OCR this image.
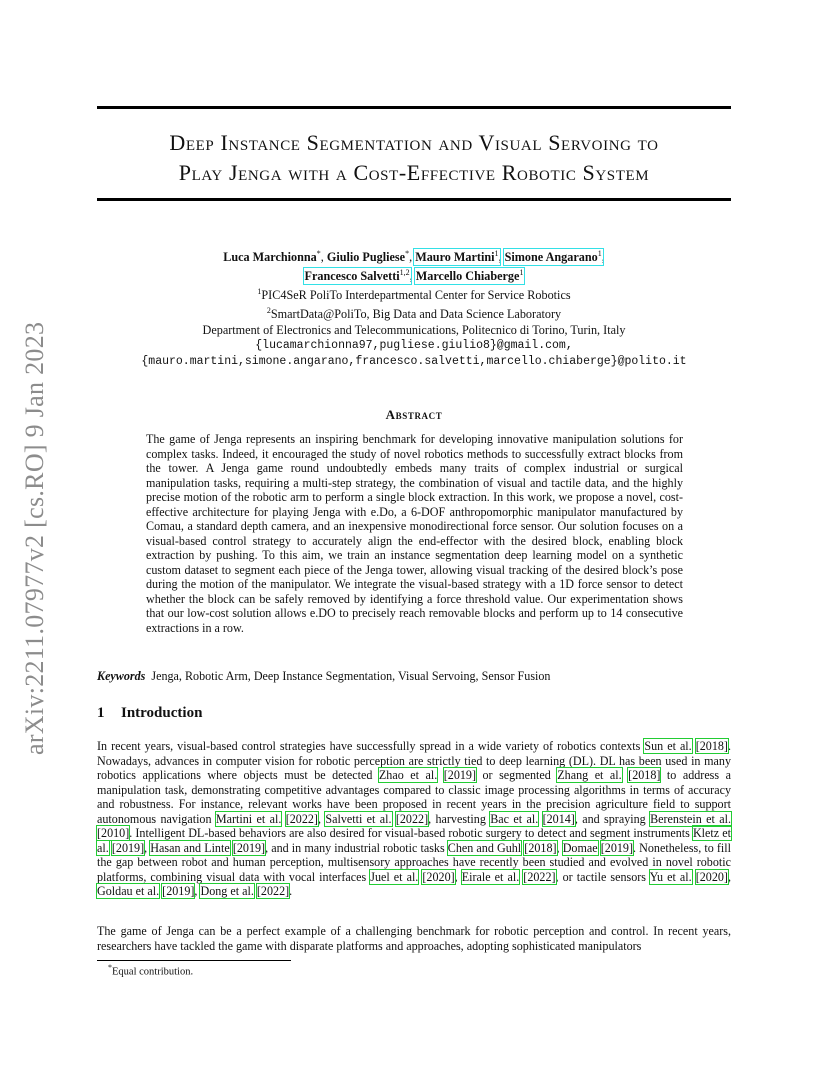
arXiv:2211.07977v2 [cs.RO] 9 Jan 2023
Deep Instance Segmentation and Visual Servoing to
Play Jenga with a Cost-Effective Robotic System
Luca Marchionna*, Giulio Pugliese*, Mauro Martini$^1$, Simone Angarano$^1$,
Francesco Salvetti$^{1,2}$, Marcello Chiaberge$^1$
$^1$PIC4SeR PoliTo Interdepartmental Center for Service Robotics
$^2$SmartData@PoliTo, Big Data and Data Science Laboratory
Department of Electronics and Telecommunications, Politecnico di Torino, Turin, Italy
{lucamarchionna97,pugliese.giulio8}@gmail.com,
{mauro.martini,simone.angarano,francesco.salvetti,marcello.chiaberge}@polito.it
Abstract
The game of Jenga represents an inspiring benchmark for developing innovative manipulation solutions for complex tasks. Indeed, it encouraged the study of novel robotics methods to successfully extract blocks from the tower. A Jenga game round undoubtedly embeds many traits of complex industrial or surgical manipulation tasks, requiring a multi-step strategy, the combination of visual and tactile data, and the highly precise motion of the robotic arm to perform a single block extraction. In this work, we propose a novel, cost-effective architecture for playing Jenga with e.Do, a 6-DOF anthropomorphic manipulator manufactured by Comau, a standard depth camera, and an inexpensive monodirectional force sensor. Our solution focuses on a visual-based control strategy to accurately align the end-effector with the desired block, enabling block extraction by pushing. To this aim, we train an instance segmentation deep learning model on a synthetic custom dataset to segment each piece of the Jenga tower, allowing visual tracking of the desired block’s pose during the motion of the manipulator. We integrate the visual-based strategy with a 1D force sensor to detect whether the block can be safely removed by identifying a force threshold value. Our experimentation shows that our low-cost solution allows e.DO to precisely reach removable blocks and perform up to 14 consecutive extractions in a row.
Keywords Jenga, Robotic Arm, Deep Instance Segmentation, Visual Servoing, Sensor Fusion
1 Introduction
In recent years, visual-based control strategies have successfully spread in a wide variety of robotics contexts Sun et al. [2018]. Nowadays, advances in computer vision for robotic perception are strictly tied to deep learning (DL). DL has been used in many robotics applications where objects must be detected Zhao et al. [2019] or segmented Zhang et al. [2018] to address a manipulation task, demonstrating competitive advantages compared to classic image processing algorithms in terms of accuracy and robustness. For instance, relevant works have been proposed in recent years in the precision agriculture field to support autonomous navigation Martini et al. [2022], Salvetti et al. [2022], harvesting Bac et al. [2014], and spraying Berenstein et al. [2010]. Intelligent DL-based behaviors are also desired for visual-based robotic surgery to detect and segment instruments Kletz et al. [2019], Hasan and Linte [2019], and in many industrial robotic tasks Chen and Guhl [2018], Domae [2019]. Nonetheless, to fill the gap between robot and human perception, multisensory approaches have recently been studied and evolved in novel robotic platforms, combining visual data with vocal interfaces Juel et al. [2020], Eirale et al. [2022], or tactile sensors Yu et al. [2020], Goldau et al. [2019], Dong et al. [2022].
The game of Jenga can be a perfect example of a challenging benchmark for robotic perception and control. In recent years, researchers have tackled the game with disparate platforms and approaches, adopting sophisticated manipulators
*Equal contribution.
